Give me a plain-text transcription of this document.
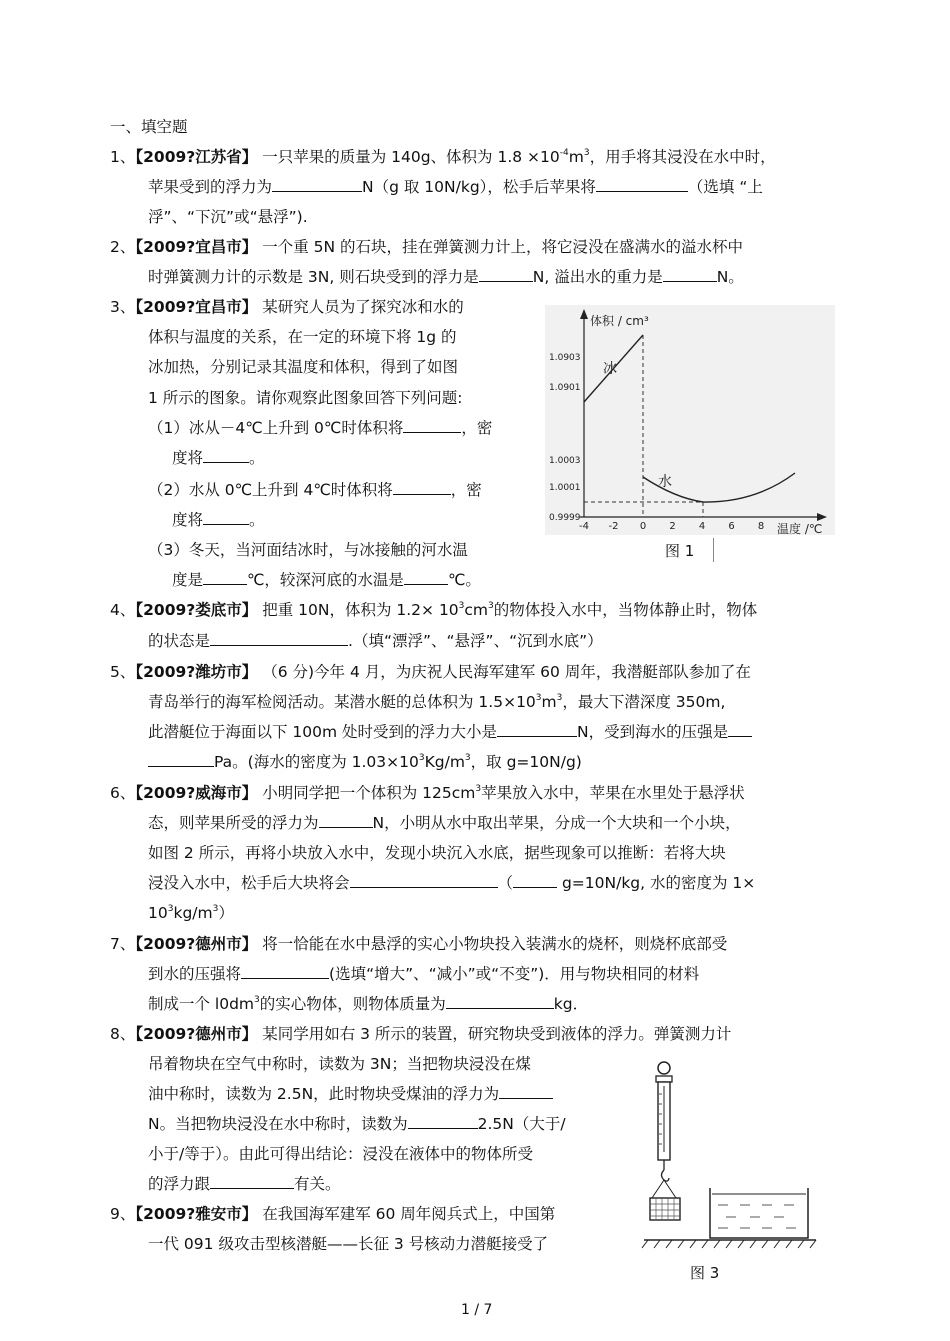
一、填空题
1、【2009?江苏省】 一只苹果的质量为 140g、体积为 $1.8 \times 10^{-4}m^3$，用手将其浸没在水中时，
苹果受到的浮力为	N（g 取 10N/kg），松手后苹果将	（选填 “上
浮”、“下沉”或“悬浮”).
2、【2009?宜昌市】 一个重 5N 的石块，挂在弹簧测力计上，将它浸没在盛满水的溢水杯中
时弹簧测力计的示数是 3N, 则石块受到的浮力是	N, 溢出水的重力是	N。
3、【2009?宜昌市】 某研究人员为了探究冰和水的
体积与温度的关系，在一定的环境下将 1g 的
冰加热，分别记录其温度和体积，得到了如图
1 所示的图象。请你观察此图象回答下列问题:
（1）冰从－4℃上升到 0℃时体积将	，密
度将	。
（2）水从 0℃上升到 4℃时体积将	，密
度将	。
（3）冬天，当河面结冰时，与冰接触的河水温
度是	℃，较深河底的水温是	℃。
体积 / cm³
温度 /℃
冰
水
1.0903
1.0901
1.0003
1.0001
0.9999
-4 -2 0 2 4 6 8
图 1
4、【2009?娄底市】 把重 10N，体积为 $1.2\times 10^3cm^3$的物体投入水中，当物体静止时，物体
的状态是	.（填“漂浮”、“悬浮”、“沉到水底”）
5、【2009?潍坊市】 （6 分)今年 4 月，为庆祝人民海军建军 60 周年，我潜艇部队参加了在
青岛举行的海军检阅活动。某潜水艇的总体积为 $1.5\times 10^3m^3$，最大下潜深度 350m,
此潜艇位于海面以下 100m 处时受到的浮力大小是	N，受到海水的压强是
Pa。(海水的密度为 $1.03\times 10^3Kg/m^3$，取 g=10N/g)
6、【2009?威海市】 小明同学把一个体积为 $125cm^3$苹果放入水中，苹果在水里处于悬浮状
态，则苹果所受的浮力为	N，小明从水中取出苹果，分成一个大块和一个小块，
如图 2 所示，再将小块放入水中，发现小块沉入水底，据些现象可以推断：若将大块
浸没入水中，松手后大块将会	（	g=10N/kg, 水的密度为 1×
$10^3kg/m^3$）
7、【2009?德州市】 将一恰能在水中悬浮的实心小物块投入装满水的烧杯，则烧杯底部受
到水的压强将	(选填“增大”、“减小”或“不变”)．用与物块相同的材料
制成一个 $l0dm^3$的实心物体，则物体质量为	kg．
8、【2009?德州市】 某同学用如右 3 所示的装置，研究物块受到液体的浮力。弹簧测力计
吊着物块在空气中称时，读数为 3N；当把物块浸没在煤
油中称时，读数为 2.5N，此时物块受煤油的浮力为
N。当把物块浸没在水中称时，读数为	2.5N（大于/
小于/等于）。由此可得出结论：浸没在液体中的物体所受
的浮力跟	有关。
9、【2009?雅安市】 在我国海军建军 60 周年阅兵式上，中国第
一代 091 级攻击型核潜艇——长征 3 号核动力潜艇接受了
图 3
1 / 7
